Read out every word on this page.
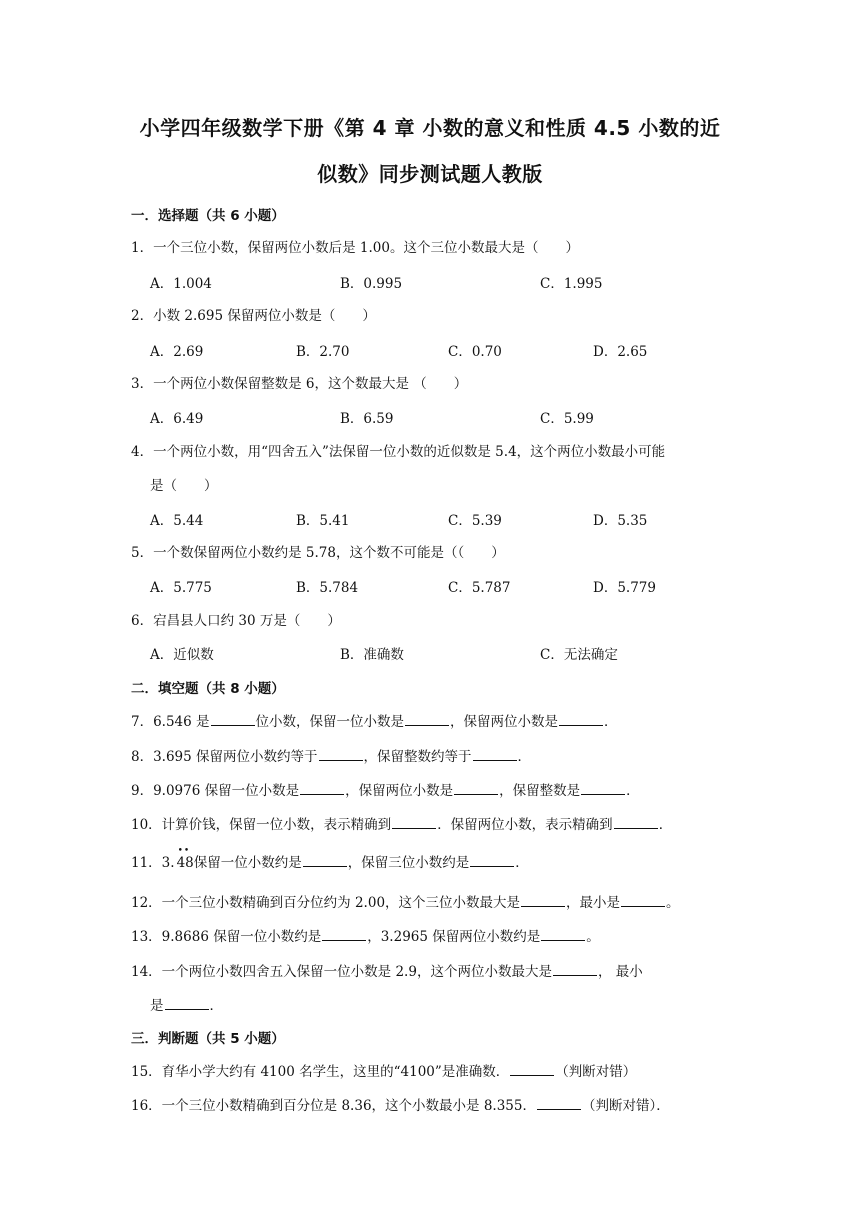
小学四年级数学下册《第 4 章 小数的意义和性质 4.5 小数的近
似数》同步测试题人教版
一．选择题（共 6 小题）
1．一个三位小数，保留两位小数后是 1.00。这个三位小数最大是（　　）
A．1.004	B．0.995	C．1.995
2．小数 2.695 保留两位小数是（　　）
A．2.69	B．2.70	C．0.70	D．2.65
3．一个两位小数保留整数是 6，这个数最大是 （　　）
A．6.49	B．6.59	C．5.99
4．一个两位小数，用“四舍五入”法保留一位小数的近似数是 5.4，这个两位小数最小可能
是（　　）
A．5.44	B．5.41	C．5.39	D．5.35
5．一个数保留两位小数约是 5.78，这个数不可能是（（　　）
A．5.775	B．5.784	C．5.787	D．5.779
6．宕昌县人口约 30 万是（　　）
A．近似数	B．准确数	C．无法确定
二．填空题（共 8 小题）
7．6.546 是	位小数，保留一位小数是	，保留两位小数是	．
8．3.695 保留两位小数约等于	，保留整数约等于	．
9．9.0976 保留一位小数是	，保留两位小数是	，保留整数是	．
10．计算价钱，保留一位小数，表示精确到	．保留两位小数，表示精确到	．
11．3.
••
48保留一位小数约是	，保留三位小数约是	．
12．一个三位小数精确到百分位约为 2.00，这个三位小数最大是	，最小是	。
13．9.8686 保留一位小数约是	，3.2965 保留两位小数约是	。
14．一个两位小数四舍五入保留一位小数是 2.9，这个两位小数最大是	， 最小
是	．
三．判断题（共 5 小题）
15．育华小学大约有 4100 名学生，这里的“4100”是准确数．	（判断对错）
16．一个三位小数精确到百分位是 8.36，这个小数最小是 8.355．	（判断对错）．
